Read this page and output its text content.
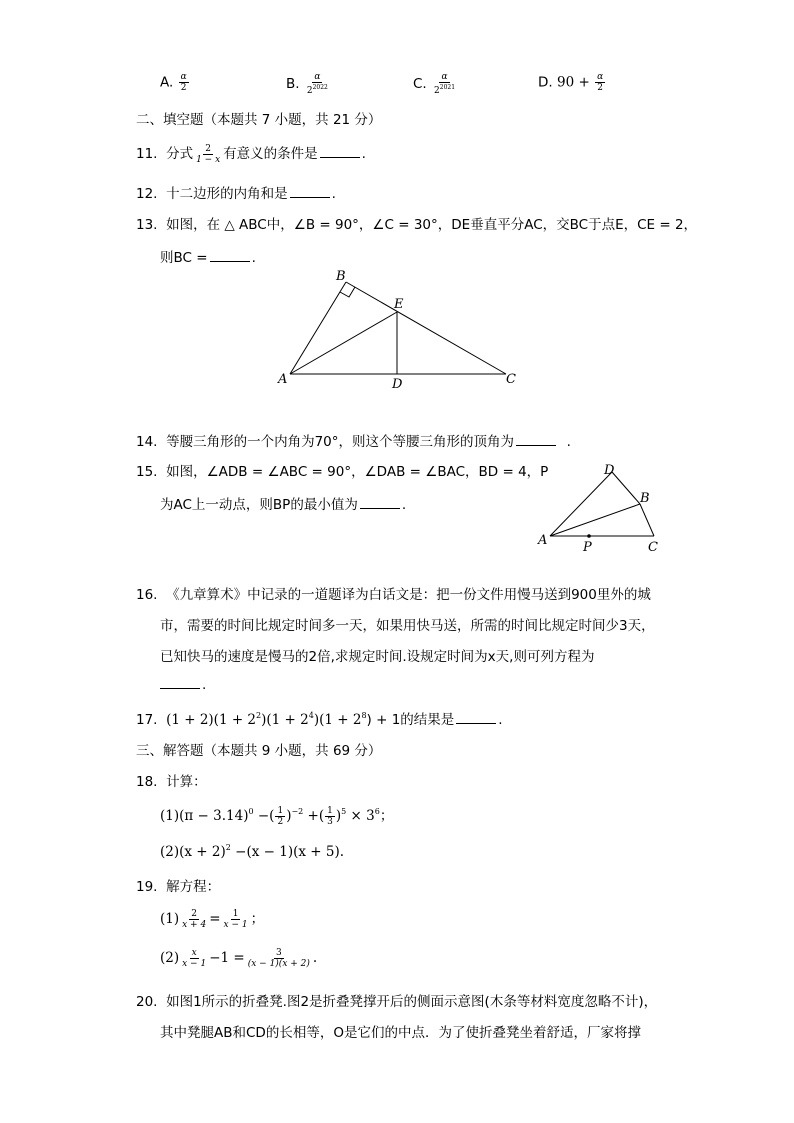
A. $\frac{\alpha}{2}$	B. $\frac{\alpha}{2^{2022}}$	C. $\frac{\alpha}{2^{2021}}$	D. $90 + \frac{\alpha}{2}$
二、填空题（本题共 7 小题，共 21 分）
11. 分式 $\frac{2}{1 - x}$ 有意义的条件是	.
12. 十二边形的内角和是	.
13. 如图，在 △ ABC中，∠B = 90°，∠C = 30°，DE垂直平分AC，交BC于点E，CE = 2，
则BC =	.
B
E
A	D	C
14. 等腰三角形的一个内角为70°，则这个等腰三角形的顶角为	.
15. 如图，∠ADB = ∠ABC = 90°，∠DAB = ∠BAC，BD = 4，P
为AC上一动点，则BP的最小值为	.
D
B
A	P	C
16. 《九章算术》中记录的一道题译为白话文是：把一份文件用慢马送到900里外的城
市，需要的时间比规定时间多一天，如果用快马送，所需的时间比规定时间少3天，
已知快马的速度是慢马的2倍,求规定时间.设规定时间为x天,则可列方程为
.
17. $(1 + 2)(1 + 2^2)(1 + 2^4)(1 + 2^8) + 1$的结果是	.
三、解答题（本题共 9 小题，共 69 分）
18. 计算：
$(1)(\pi - 3.14)^0$ −( $\frac{1}{2} )^{-2}$ +( $\frac{1}{3} )^5 \times 3^6$；
$(2)(x + 2)^2 -(x - 1)(x + 5)$.
19. 解方程：
$(1) \frac{2}{x + 4} = \frac{1}{x - 1}$ ；
$(2) \frac{x}{x - 1} -1 = \frac{3}{(x - 1)(x + 2)}$ .
20. 如图1所示的折叠凳.图2是折叠凳撑开后的侧面示意图(木条等材料宽度忽略不计)，
其中凳腿AB和CD的长相等，O是它们的中点．为了使折叠凳坐着舒适，厂家将撑
